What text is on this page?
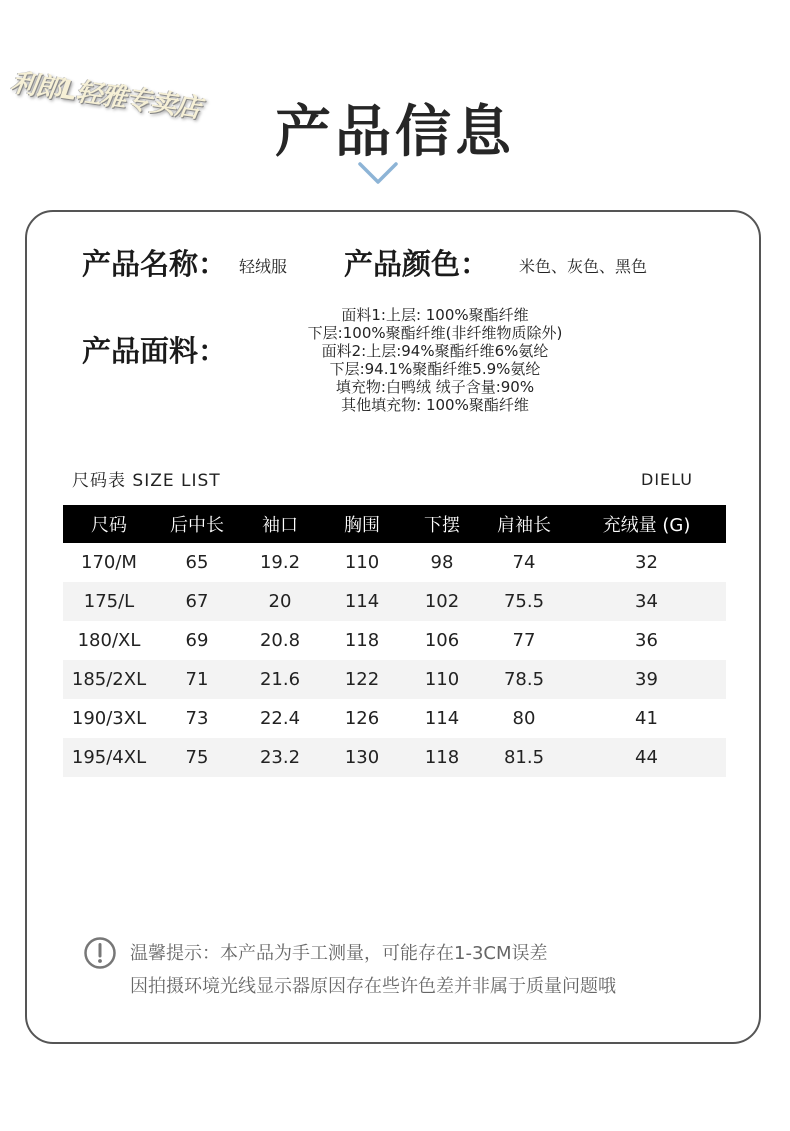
利郎L轻雅专卖店
产品信息
产品名称： 轻绒服 产品颜色： 米色、灰色、黑色
产品面料：
面料1:上层: 100%聚酯纤维
下层:100%聚酯纤维(非纤维物质除外)
面料2:上层:94%聚酯纤维6%氨纶
下层:94.1%聚酯纤维5.9%氨纶
填充物:白鸭绒 绒子含量:90%
其他填充物: 100%聚酯纤维
尺码表 SIZE LIST	DIELU
尺码	后中长	袖口	胸围	下摆	肩袖长	充绒量 (G)
170/M	65	19.2	110	98	74	32
175/L	67	20	114	102	75.5	34
180/XL	69	20.8	118	106	77	36
185/2XL	71	21.6	122	110	78.5	39
190/3XL	73	22.4	126	114	80	41
195/4XL	75	23.2	130	118	81.5	44
温馨提示：本产品为手工测量，可能存在1-3CM误差
因拍摄环境光线显示器原因存在些许色差并非属于质量问题哦
